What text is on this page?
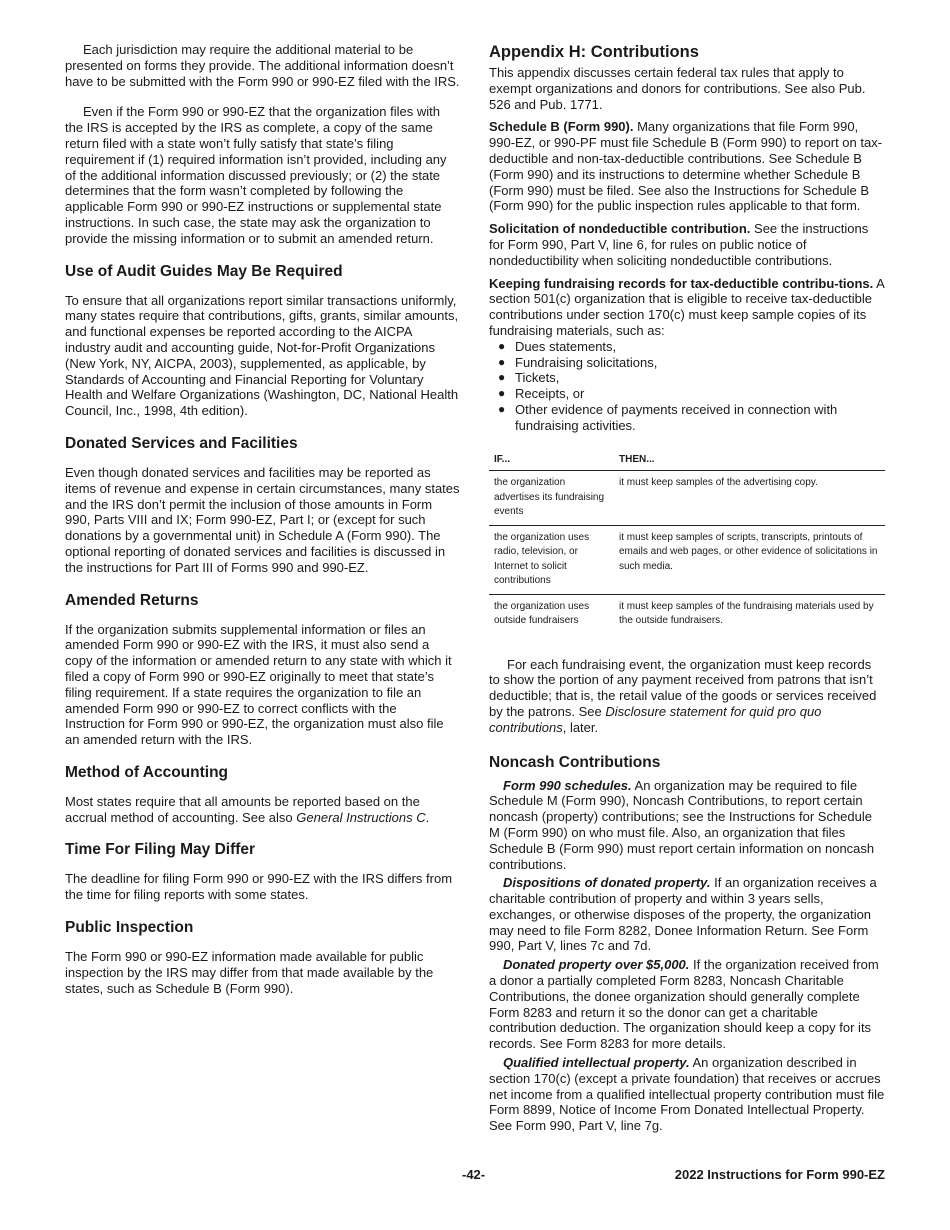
Each jurisdiction may require the additional material to be presented on forms they provide. The additional information doesn’t have to be submitted with the Form 990 or 990-EZ filed with the IRS.

Even if the Form 990 or 990-EZ that the organization files with the IRS is accepted by the IRS as complete, a copy of the same return filed with a state won’t fully satisfy that state’s filing requirement if (1) required information isn’t provided, including any of the additional information discussed previously; or (2) the state determines that the form wasn’t completed by following the applicable Form 990 or 990-EZ instructions or supplemental state instructions. In such case, the state may ask the organization to provide the missing information or to submit an amended return.

Use of Audit Guides May Be Required

To ensure that all organizations report similar transactions uniformly, many states require that contributions, gifts, grants, similar amounts, and functional expenses be reported according to the AICPA industry audit and accounting guide, Not-for-Profit Organizations (New York, NY, AICPA, 2003), supplemented, as applicable, by Standards of Accounting and Financial Reporting for Voluntary Health and Welfare Organizations (Washington, DC, National Health Council, Inc., 1998, 4th edition).

Donated Services and Facilities

Even though donated services and facilities may be reported as items of revenue and expense in certain circumstances, many states and the IRS don’t permit the inclusion of those amounts in Form 990, Parts VIII and IX; Form 990-EZ, Part I; or (except for such donations by a governmental unit) in Schedule A (Form 990). The optional reporting of donated services and facilities is discussed in the instructions for Part III of Forms 990 and 990-EZ.

Amended Returns

If the organization submits supplemental information or files an amended Form 990 or 990-EZ with the IRS, it must also send a copy of the information or amended return to any state with which it filed a copy of Form 990 or 990-EZ originally to meet that state’s filing requirement. If a state requires the organization to file an amended Form 990 or 990-EZ to correct conflicts with the Instruction for Form 990 or 990-EZ, the organization must also file an amended return with the IRS.

Method of Accounting

Most states require that all amounts be reported based on the accrual method of accounting. See also General Instructions C.

Time For Filing May Differ

The deadline for filing Form 990 or 990-EZ with the IRS differs from the time for filing reports with some states.

Public Inspection

The Form 990 or 990-EZ information made available for public inspection by the IRS may differ from that made available by the states, such as Schedule B (Form 990).

Appendix H: Contributions

This appendix discusses certain federal tax rules that apply to exempt organizations and donors for contributions. See also Pub. 526 and Pub. 1771.

Schedule B (Form 990). Many organizations that file Form 990, 990-EZ, or 990-PF must file Schedule B (Form 990) to report on tax-deductible and non-tax-deductible contributions. See Schedule B (Form 990) and its instructions to determine whether Schedule B (Form 990) must be filed. See also the Instructions for Schedule B (Form 990) for the public inspection rules applicable to that form.

Solicitation of nondeductible contribution. See the instructions for Form 990, Part V, line 6, for rules on public notice of nondeductibility when soliciting nondeductible contributions.

Keeping fundraising records for tax-deductible contribu-tions. A section 501(c) organization that is eligible to receive tax-deductible contributions under section 170(c) must keep sample copies of its fundraising materials, such as:

● Dues statements,
● Fundraising solicitations,
● Tickets,
● Receipts, or
● Other evidence of payments received in connection with fundraising activities.
IF...	THEN...
the organization advertises its fundraising events	it must keep samples of the advertising copy.
the organization uses radio, television, or Internet to solicit contributions	it must keep samples of scripts, transcripts, printouts of emails and web pages, or other evidence of solicitations in such media.
the organization uses outside fundraisers	it must keep samples of the fundraising materials used by the outside fundraisers.

For each fundraising event, the organization must keep records to show the portion of any payment received from patrons that isn’t deductible; that is, the retail value of the goods or services received by the patrons. See Disclosure statement for quid pro quo contributions, later.

Noncash Contributions

Form 990 schedules. An organization may be required to file Schedule M (Form 990), Noncash Contributions, to report certain noncash (property) contributions; see the Instructions for Schedule M (Form 990) on who must file. Also, an organization that files Schedule B (Form 990) must report certain information on noncash contributions.

Dispositions of donated property. If an organization receives a charitable contribution of property and within 3 years sells, exchanges, or otherwise disposes of the property, the organization may need to file Form 8282, Donee Information Return. See Form 990, Part V, lines 7c and 7d.

Donated property over $5,000. If the organization received from a donor a partially completed Form 8283, Noncash Charitable Contributions, the donee organization should generally complete Form 8283 and return it so the donor can get a charitable contribution deduction. The organization should keep a copy for its records. See Form 8283 for more details.

Qualified intellectual property. An organization described in section 170(c) (except a private foundation) that receives or accrues net income from a qualified intellectual property contribution must file Form 8899, Notice of Income From Donated Intellectual Property. See Form 990, Part V, line 7g.

-42-	2022 Instructions for Form 990-EZ
